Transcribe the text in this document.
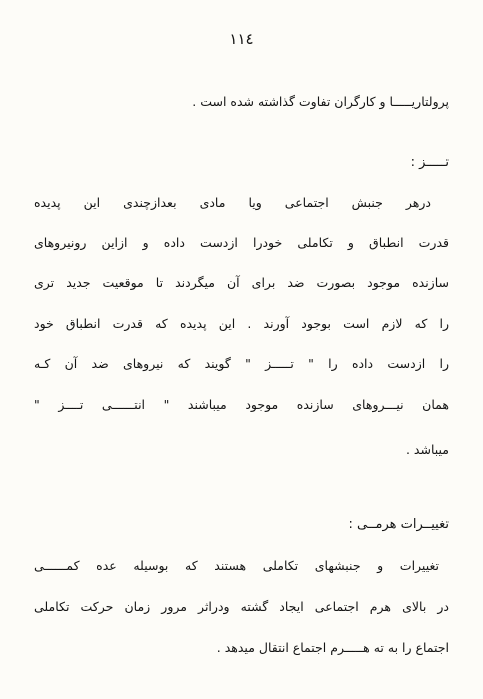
١١٤
پرولتاریـــــا و کارگران تفاوت گذاشته شده است .
تـــــز :
درهر جنبش اجتماعی ویا مادی بعدازچندی این پدیده
قدرت انطباق و تکاملی خودرا ازدست داده و ازاین رونیروهای
سازنده موجود بصورت ضد برای آن میگردند تا موقعیت جدید تری
را که لازم است بوجود آورند . این پدیده که قدرت انطباق خود
را ازدست داده را " تـــــز " گویند که نیروهای ضد آن کـه
همان نیـــروهای سازنده موجود میباشند " انتــــــی تــــز "
میباشد .
تغییــرات هرمــی :
تغییرات و جنبشهای تکاملی هستند که بوسیله عده کمــــــی
در بالای هرم اجتماعی ایجاد گشته ودراثر مرور زمان حرکت تکاملی
اجتماع را به ته هـــــرم اجتماع انتقال میدهد .
